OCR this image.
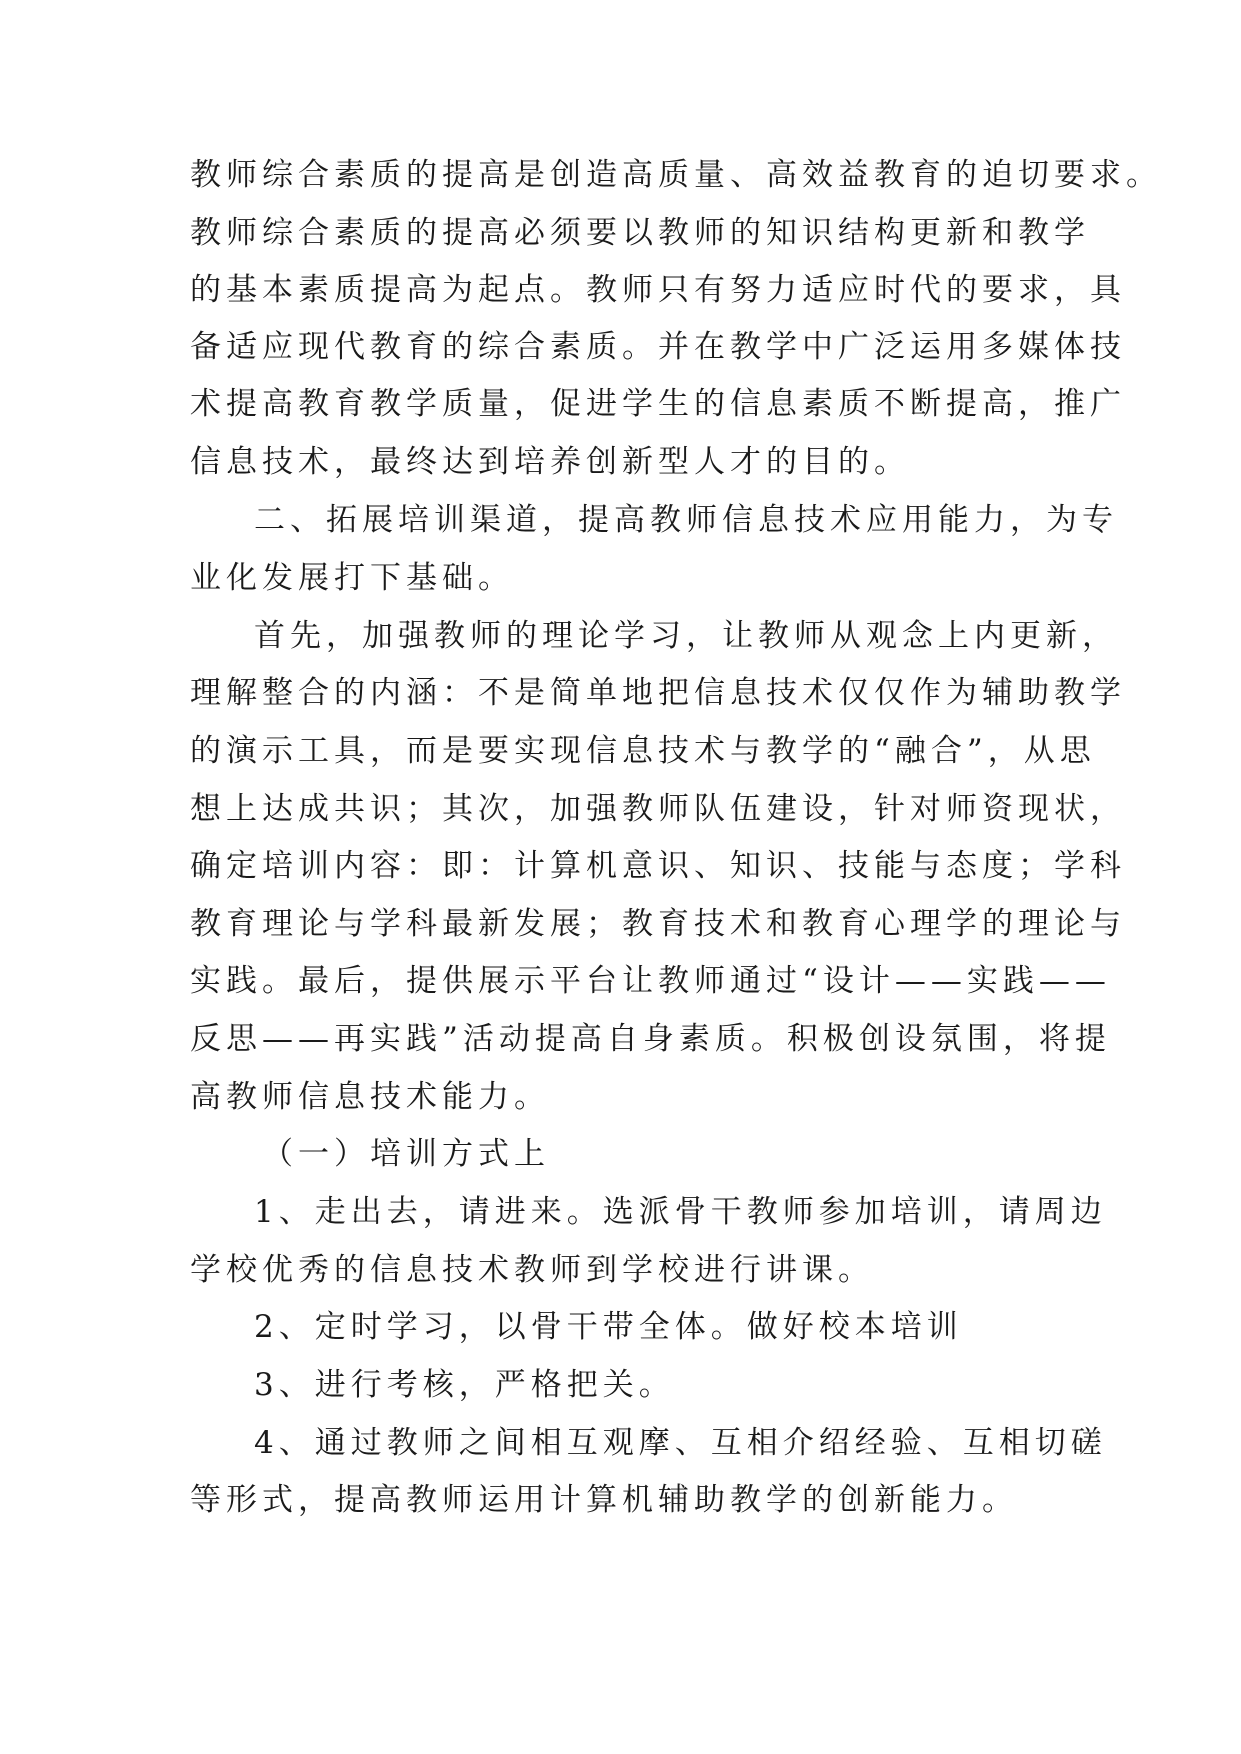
教师综合素质的提高是创造高质量、高效益教育的迫切要求。
教师综合素质的提高必须要以教师的知识结构更新和教学
的基本素质提高为起点。教师只有努力适应时代的要求，具
备适应现代教育的综合素质。并在教学中广泛运用多媒体技
术提高教育教学质量，促进学生的信息素质不断提高，推广
信息技术，最终达到培养创新型人才的目的。
二、拓展培训渠道，提高教师信息技术应用能力，为专
业化发展打下基础。
首先，加强教师的理论学习，让教师从观念上内更新，
理解整合的内涵：不是简单地把信息技术仅仅作为辅助教学
的演示工具，而是要实现信息技术与教学的“融合”，从思
想上达成共识；其次，加强教师队伍建设，针对师资现状，
确定培训内容：即：计算机意识、知识、技能与态度；学科
教育理论与学科最新发展；教育技术和教育心理学的理论与
实践。最后，提供展示平台让教师通过“设计——实践——
反思——再实践”活动提高自身素质。积极创设氛围，将提
高教师信息技术能力。
（一）培训方式上
1、走出去，请进来。选派骨干教师参加培训，请周边
学校优秀的信息技术教师到学校进行讲课。
2、定时学习，以骨干带全体。做好校本培训
3、进行考核，严格把关。
4、通过教师之间相互观摩、互相介绍经验、互相切磋
等形式，提高教师运用计算机辅助教学的创新能力。
